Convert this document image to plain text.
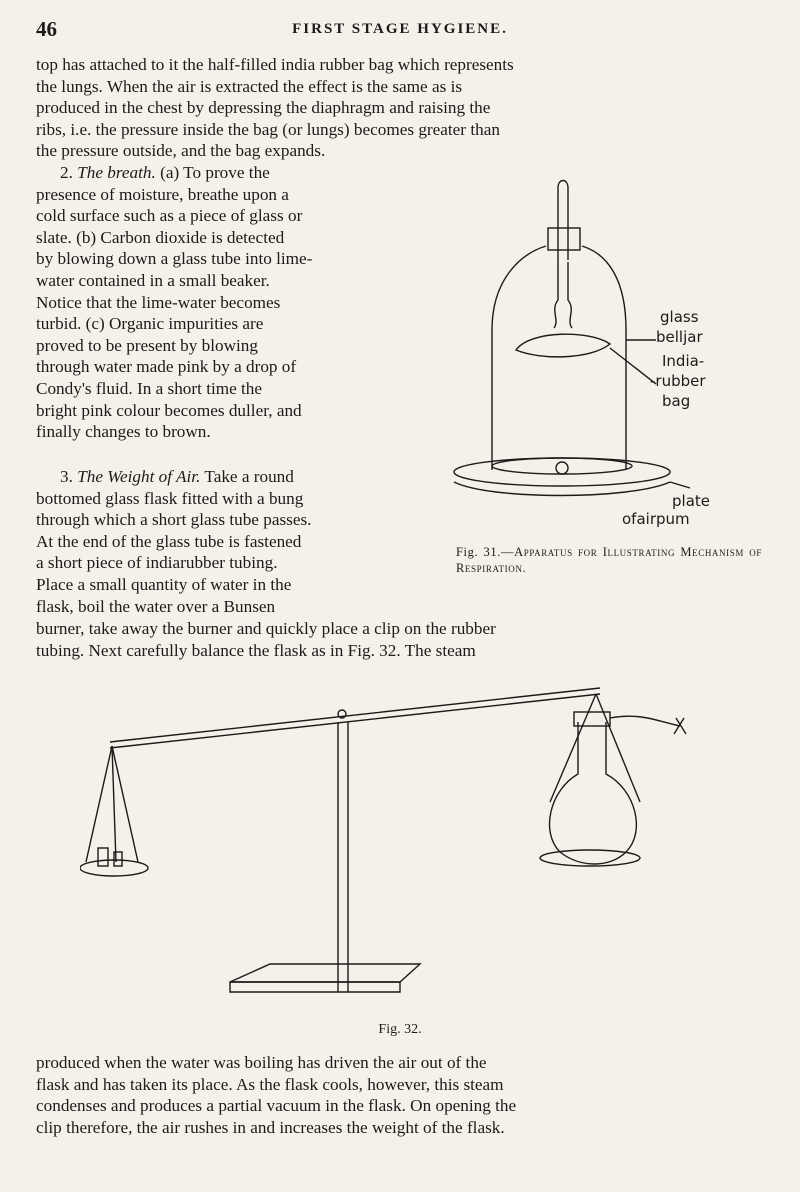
46	FIRST STAGE HYGIENE.
top has attached to it the half-filled india rubber bag which represents
the lungs. When the air is extracted the effect is the same as is
produced in the chest by depressing the diaphragm and raising the
ribs, i.e. the pressure inside the bag (or lungs) becomes greater than
the pressure outside, and the bag expands.
2. The breath. (a) To prove the
presence of moisture, breathe upon a
cold surface such as a piece of glass or
slate. (b) Carbon dioxide is detected
by blowing down a glass tube into lime-
water contained in a small beaker.
Notice that the lime-water becomes
turbid. (c) Organic impurities are
proved to be present by blowing
through water made pink by a drop of
Condy's fluid. In a short time the
bright pink colour becomes duller, and
finally changes to brown.
3. The Weight of Air. Take a round
bottomed glass flask fitted with a bung
through which a short glass tube passes.
At the end of the glass tube is fastened
a short piece of indiarubber tubing.
Place a small quantity of water in the
flask, boil the water over a Bunsen
burner, take away the burner and quickly place a clip on the rubber
tubing. Next carefully balance the flask as in Fig. 32. The steam
glass
belljar
India-
-rubber
bag
plate
ofairpum
Fig. 31.—Apparatus for Illustrating Mechanism of Respiration.
Fig. 32.
produced when the water was boiling has driven the air out of the
flask and has taken its place. As the flask cools, however, this steam
condenses and produces a partial vacuum in the flask. On opening the
clip therefore, the air rushes in and increases the weight of the flask.
